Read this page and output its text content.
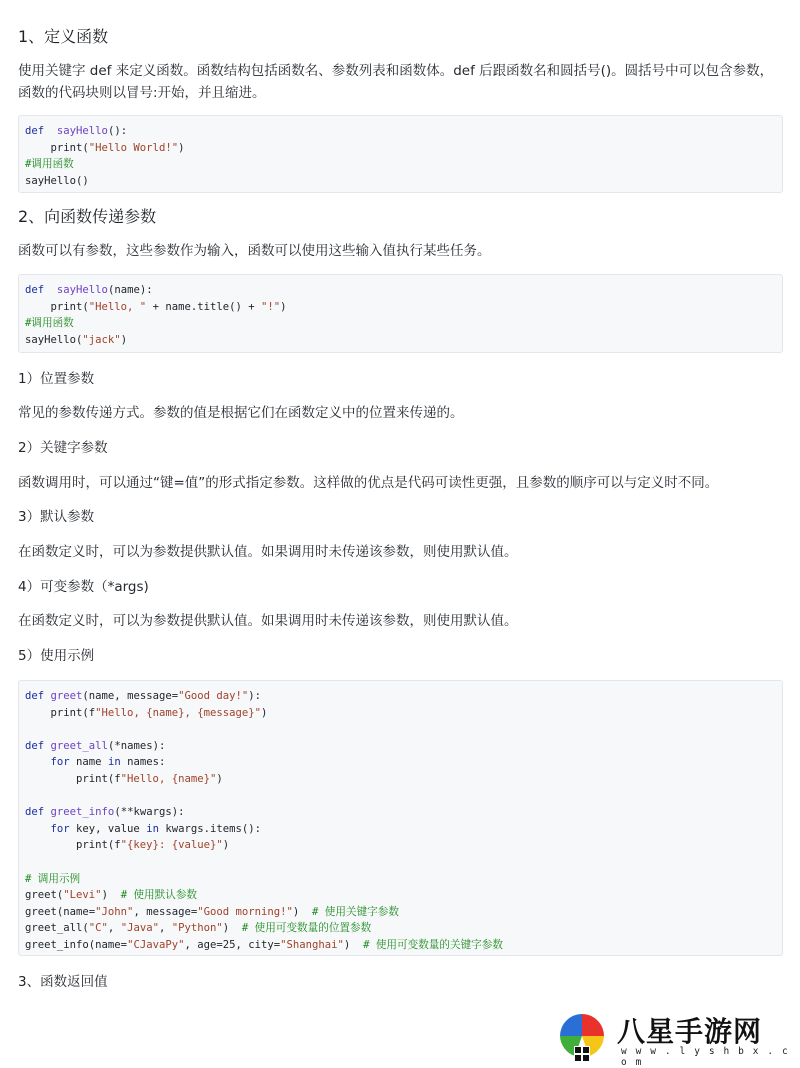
1、定义函数

使用关键字 def 来定义函数。函数结构包括函数名、参数列表和函数体。def 后跟函数名和圆括号()。圆括号中可以包含参数，函数的代码块则以冒号:开始，并且缩进。

def sayHello():
print("Hello World!")
#调用函数
sayHello()
2、向函数传递参数

函数可以有参数，这些参数作为输入，函数可以使用这些输入值执行某些任务。

def sayHello(name):
print("Hello, " + name.title() + "!")
#调用函数
sayHello("jack")
1）位置参数

常见的参数传递方式。参数的值是根据它们在函数定义中的位置来传递的。

2）关键字参数

函数调用时，可以通过“键=值”的形式指定参数。这样做的优点是代码可读性更强，且参数的顺序可以与定义时不同。

3）默认参数

在函数定义时，可以为参数提供默认值。如果调用时未传递该参数，则使用默认值。

4）可变参数（*args)

在函数定义时，可以为参数提供默认值。如果调用时未传递该参数，则使用默认值。

5）使用示例
def greet(name, message="Good day!"):
print(f"Hello, {name}, {message}")
def greet_all(*names):
for name in names:
print(f"Hello, {name}")
def greet_info(**kwargs):
for key, value in kwargs.items():
print(f"{key}: {value}")
# 调用示例
greet("Levi")  # 使用默认参数
greet(name="John", message="Good morning!")  # 使用关键字参数
greet_all("C", "Java", "Python")  # 使用可变数量的位置参数
greet_info(name="CJavaPy", age=25, city="Shanghai")  # 使用可变数量的关键字参数
3、函数返回值
八星手游网
w w w . l y s h b x . c o m
